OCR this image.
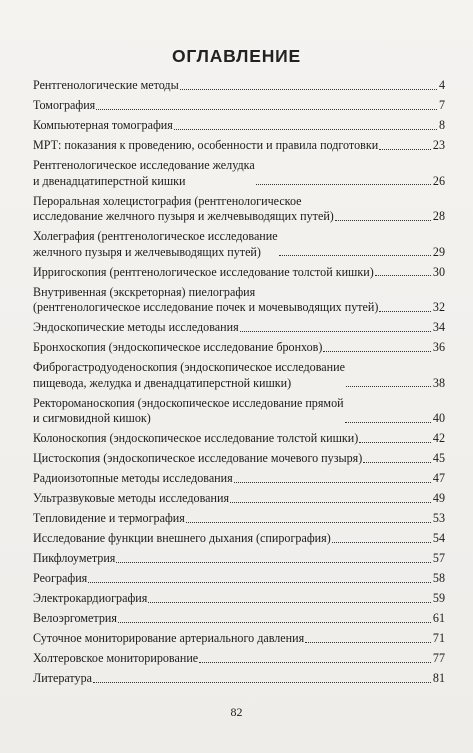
ОГЛАВЛЕНИЕ
Рентгенологические методы	4
Томография	7
Компьютерная томография	8
МРТ: показания к проведению, особенности и правила подготовки	23
Рентгенологическое исследование желудка
и двенадцатиперстной кишки	26
Пероральная холецистография (рентгенологическое
исследование желчного пузыря и желчевыводящих путей)	28
Холеграфия (рентгенологическое исследование
желчного пузыря и желчевыводящих путей)	29
Ирригоскопия (рентгенологическое исследование толстой кишки)	30
Внутривенная (экскреторная) пиелография
(рентгенологическое исследование почек и мочевыводящих путей)	32
Эндоскопические методы исследования	34
Бронхоскопия (эндоскопическое исследование бронхов)	36
Фиброгастродуоденоскопия (эндоскопическое исследование
пищевода, желудка и двенадцатиперстной кишки)	38
Ректороманоскопия (эндоскопическое исследование прямой
и сигмовидной кишок)	40
Колоноскопия (эндоскопическое исследование толстой кишки)	42
Цистоскопия (эндоскопическое исследование мочевого пузыря)	45
Радиоизотопные методы исследования	47
Ультразвуковые методы исследования	49
Тепловидение и термография	53
Исследование функции внешнего дыхания (спирография)	54
Пикфлоуметрия	57
Реография	58
Электрокардиография	59
Велоэргометрия	61
Суточное мониторирование артериального давления	71
Холтеровское мониторирование	77
Литература	81
82
